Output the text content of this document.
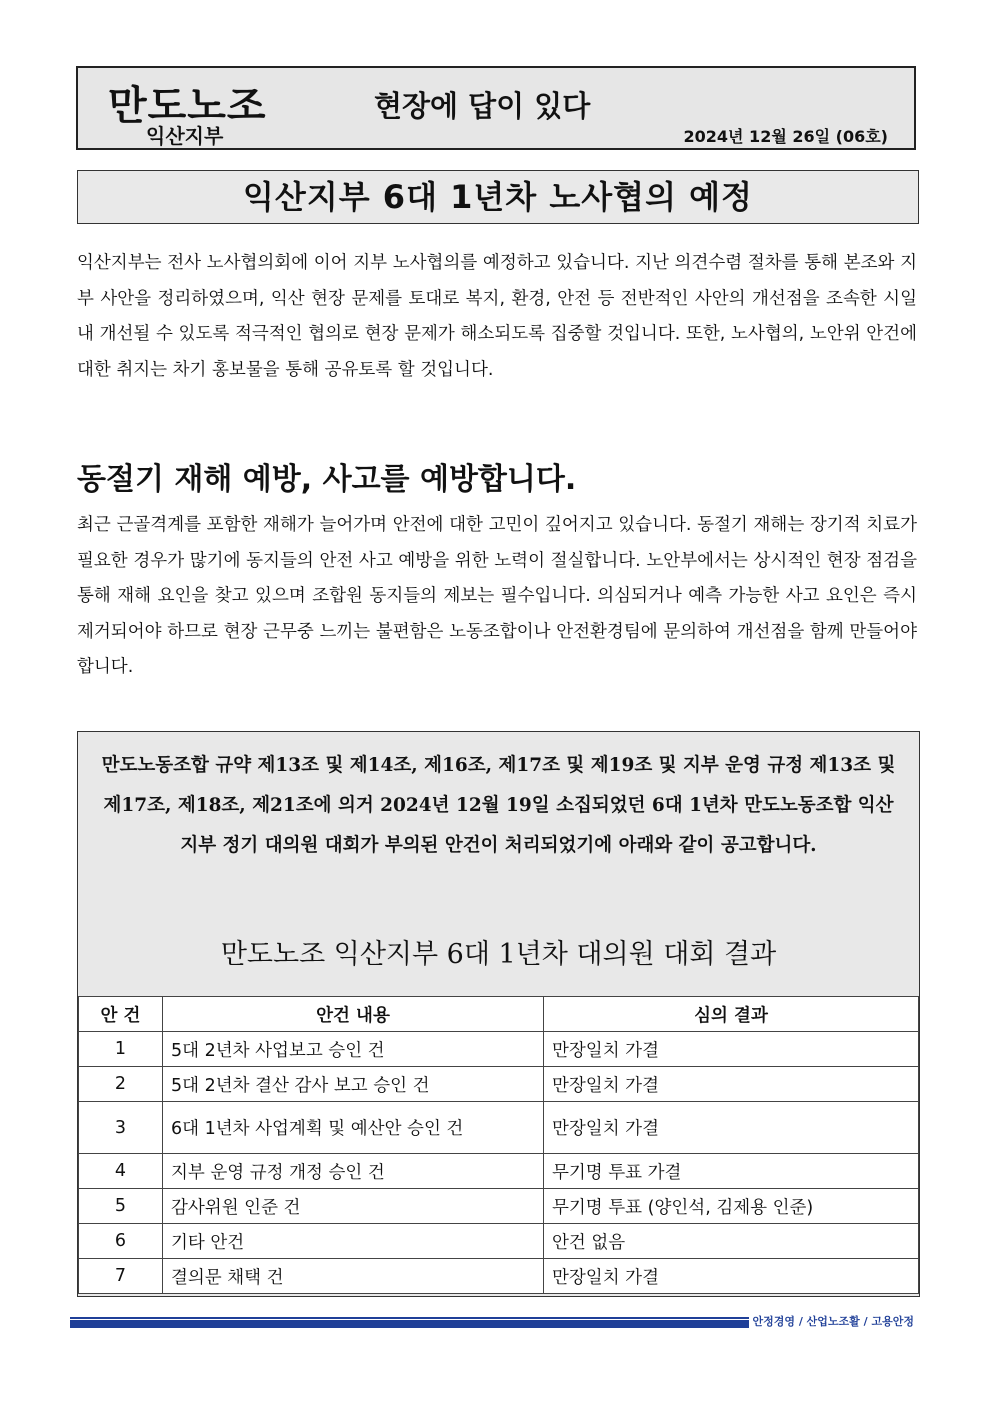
만도노조
익산지부
현장에 답이 있다
2024년 12월 26일 (06호)
익산지부 6대 1년차 노사협의 예정

익산지부는 전사 노사협의회에 이어 지부 노사협의를 예정하고 있습니다. 지난 의견수렴 절차를 통해 본조와 지부 사안을 정리하였으며, 익산 현장 문제를 토대로 복지, 환경, 안전 등 전반적인 사안의 개선점을 조속한 시일 내 개선될 수 있도록 적극적인 협의로 현장 문제가 해소되도록 집중할 것입니다. 또한, 노사협의, 노안위 안건에 대한 취지는 차기 홍보물을 통해 공유토록 할 것입니다.

동절기 재해 예방, 사고를 예방합니다.

최근 근골격계를 포함한 재해가 늘어가며 안전에 대한 고민이 깊어지고 있습니다. 동절기 재해는 장기적 치료가 필요한 경우가 많기에 동지들의 안전 사고 예방을 위한 노력이 절실합니다. 노안부에서는 상시적인 현장 점검을 통해 재해 요인을 찾고 있으며 조합원 동지들의 제보는 필수입니다. 의심되거나 예측 가능한 사고 요인은 즉시 제거되어야 하므로 현장 근무중 느끼는 불편함은 노동조합이나 안전환경팀에 문의하여 개선점을 함께 만들어야 합니다.

만도노동조합 규약 제13조 및 제14조, 제16조, 제17조 및 제19조 및 지부 운영 규정 제13조 및 제17조, 제18조, 제21조에 의거 2024년 12월 19일 소집되었던 6대 1년차 만도노동조합 익산지부 정기 대의원 대회가 부의된 안건이 처리되었기에 아래와 같이 공고합니다.

만도노조 익산지부 6대 1년차 대의원 대회 결과

안 건	안건 내용	심의 결과
1	5대 2년차 사업보고 승인 건	만장일치 가결
2	5대 2년차 결산 감사 보고 승인 건	만장일치 가결
3	6대 1년차 사업계획 및 예산안 승인 건	만장일치 가결
4	지부 운영 규정 개정 승인 건	무기명 투표 가결
5	감사위원 인준 건	무기명 투표 (양인석, 김제용 인준)
6	기타 안건	안건 없음
7	결의문 채택 건	만장일치 가결
안정경영 / 산업노조활 / 고용안정
